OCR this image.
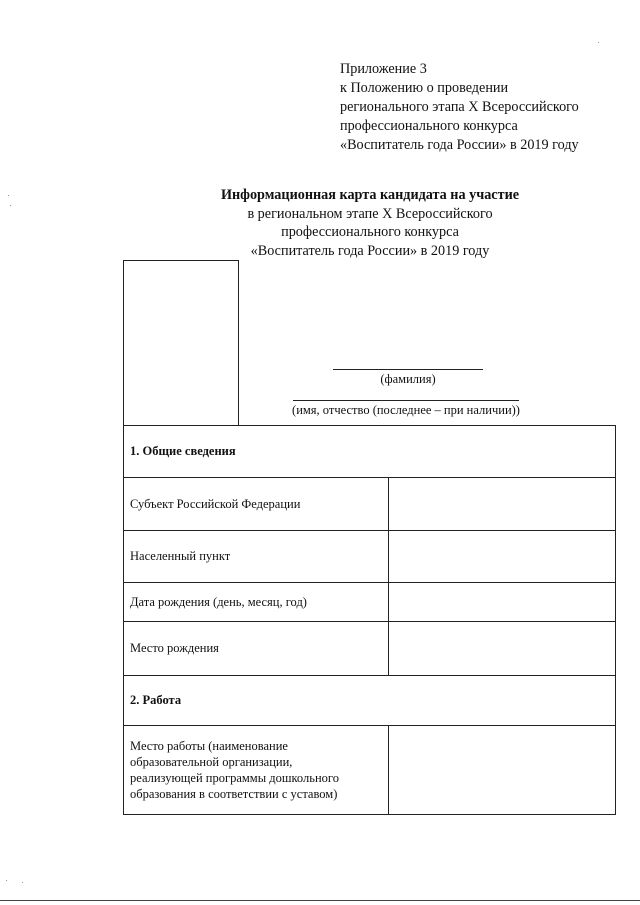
Приложение 3
к Положению о проведении
регионального этапа X Всероссийского
профессионального конкурса
«Воспитатель года России» в 2019 году
Информационная карта кандидата на участие
в региональном этапе X Всероссийского
профессионального конкурса
«Воспитатель года России» в 2019 году
(фамилия)
(имя, отчество (последнее – при наличии))
1. Общие сведения	
Субъект Российской Федерации	
Населенный пункт	
Дата рождения (день, месяц, год)	
Место рождения	
2. Работа	

Место работы (наименование
образовательной организации,
реализующей программы дошкольного
образования в соответствии с уставом)	
